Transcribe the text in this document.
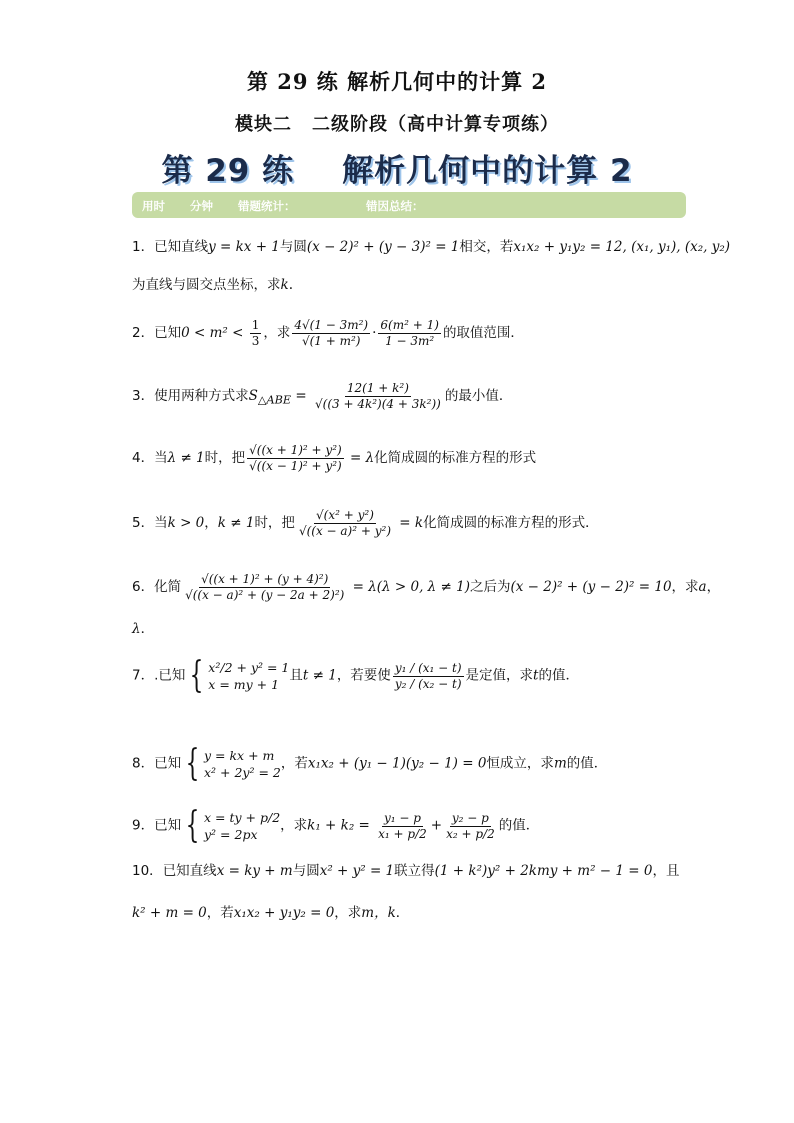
第 29 练 解析几何中的计算 2
模块二 二级阶段（高中计算专项练）
第 29 练 解析几何中的计算 2
用时 分钟 错题统计：	错因总结：
1．已知直线y = kx + 1与圆(x − 2)² + (y − 3)² = 1相交，若x₁x₂ + y₁y₂ = 12, (x₁, y₁), (x₂, y₂)
为直线与圆交点坐标，求k.
2．已知$0 < m^2 < \frac{1}{3}$ ，求 $\frac{\text{4√(1 − 3m²)}}{\text{√(1 + m²)}} \cdot \frac{\text{6(m² + 1)}}{\text{1 − 3m²}}$ 的取值范围．
3．使用两种方式求$S_{\triangle ABE} = \frac{\text{12(1 + k²)}}{\text{√((3 + 4k²)(4 + 3k²))}}$ 的最小值．
4．当λ ≠ 1时，把 $\frac{\text{√((x + 1)² + y²)}}{\text{√((x − 1)² + y²)}} = \lambda$化简成圆的标准方程的形式
5．当k > 0，k ≠ 1时，把 $\frac{\text{√(x² + y²)}}{\text{√((x − a)² + y²)}} = k$化简成圆的标准方程的形式．
6．化简 $\frac{\text{√((x + 1)² + (y + 4)²)}}{\text{√((x − a)² + (y − 2a + 2)²)}} = \lambda(\lambda > 0$, λ ≠ 1)之后为(x − 2)² + (y − 2)² = 10，求a，
λ．
7．.已知 { x²/2 + y² = 1
x = my + 1
且t ≠ 1，若要使 $\frac{\text{y₁ / (x₁ − t)}}{\text{y₂ / (x₂ − t)}}$ 是定值，求t的值．
8．已知 { y = kx + m
x² + 2y² = 2
，若x₁x₂ + (y₁ − 1)(y₂ − 1) = 0恒成立，求m的值．
9．已知 { x = ty + p/2
y² = 2px
，求$k_1 + k_2 = \frac{\text{y₁ − p}}{\text{x₁ + p/2}} + \frac{\text{y₂ − p}}{\text{x₂ + p/2}}$ 的值．
10．已知直线x = ky + m与圆x² + y² = 1联立得(1 + k²)y² + 2kmy + m² − 1 = 0，且
k² + m = 0，若x₁x₂ + y₁y₂ = 0，求m，k．
